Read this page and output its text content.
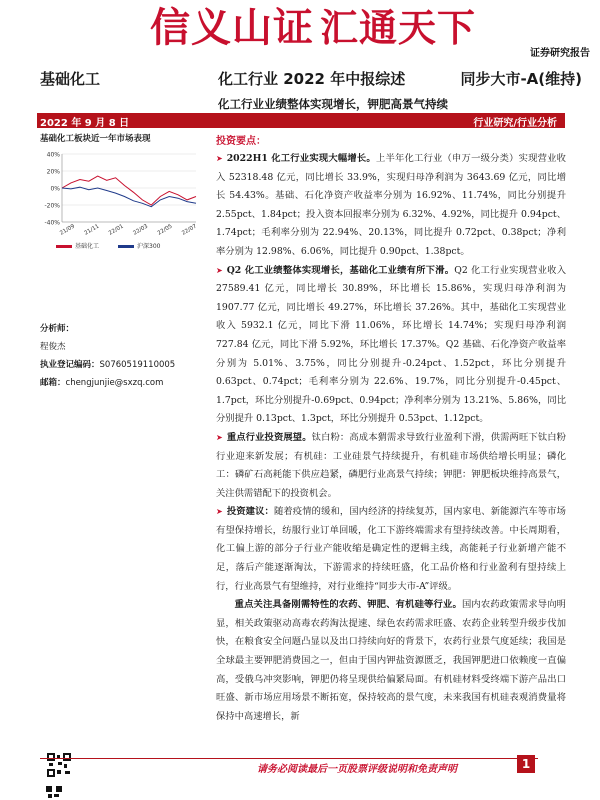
信义山证 汇通天下
证券研究报告
基础化工	化工行业 2022 年中报综述	同步大市-A(维持)
化工行业业绩整体实现增长，钾肥高景气持续
2022 年 9 月 8 日	行业研究/行业分析
基础化工板块近一年市场表现
40%
20%
0%
-20%
-40%
21/09 21/11 22/01 22/03 22/05 22/07
基础化工	沪深300
分析师：
程俊杰
执业登记编码：S0760519110005
邮箱：chengjunjie@sxzq.com
投资要点：

➤ 2022H1 化工行业实现大幅增长。上半年化工行业（申万一级分类）实现营业收入 52318.48 亿元，同比增长 33.9%，实现归母净利润为 3643.69 亿元，同比增长 54.43%。基础、石化净资产收益率分别为 16.92%、11.74%，同比分别提升 2.55pct、1.84pct；投入资本回报率分别为 6.32%、4.92%，同比提升 0.94pct、1.74pct；毛利率分别为 22.94%、20.13%，同比提升 0.72pct、0.38pct；净利率分别为 12.98%、6.06%，同比提升 0.90pct、1.38pct。

➤ Q2 化工业绩整体实现增长，基础化工业绩有所下滑。Q2 化工行业实现营业收入 27589.41 亿元，同比增长 30.89%，环比增长 15.86%，实现归母净利润为 1907.77 亿元，同比增长 49.27%，环比增长 37.26%。其中，基础化工实现营业收入 5932.1 亿元，同比下滑 11.06%，环比增长 14.74%；实现归母净利润 727.84 亿元，同比下滑 5.92%，环比增长 17.37%。Q2 基础、石化净资产收益率分别为 5.01%、3.75%，同比分别提升-0.24pct、1.52pct，环比分别提升 0.63pct、0.74pct；毛利率分别为 22.6%、19.7%，同比分别提升-0.45pct、1.7pct，环比分别提升-0.69pct、0.94pct；净利率分别为 13.21%、5.86%，同比分别提升 0.13pct、1.3pct，环比分别提升 0.53pct、1.12pct。

➤ 重点行业投资展望。钛白粉：高成本猬需求导致行业盈利下滑，供需两旺下钛白粉行业迎来新发展；有机硅：工业硅景气持续提升，有机硅市场供给增长明显；磷化工：磷矿石高耗能下供应趋紧，磷肥行业高景气持续；钾肥：钾肥板块维持高景气，关注供需错配下的投资机会。

➤ 投资建议：随着疫情的缓和，国内经济的持续复苏，国内家电、新能源汽车等市场有望保持增长，纺服行业订单回暖，化工下游终端需求有望持续改善。中长周期看，化工偏上游的部分子行业产能收缩是确定性的逻辑主线，高能耗子行业新增产能不足，落后产能逐渐淘汰，下游需求的持续旺盛，化工品价格和行业盈利有望持续上行，行业高景气有望维持，对行业维持“同步大市-A”评级。

重点关注具备刚需特性的农药、钾肥、有机硅等行业。国内农药政策需求导向明显，相关政策驱动高毒农药淘汰提速、绿色农药需求旺盛、农药企业转型升级步伐加快，在粮食安全问题凸显以及出口持续向好的背景下，农药行业景气度延续；我国是全球最主要钾肥消费国之一，但由于国内钾盐资源匮乏，我国钾肥进口依赖度一直偏高，受俄乌冲突影响，钾肥仍将呈现供给偏紧局面。有机硅材料受终端下游产品出口旺盛、新市场应用场景不断拓宽，保持较高的景气度，未来我国有机硅表观消费量将保持中高速增长，新

请务必阅读最后一页股票评级说明和免责声明	1
